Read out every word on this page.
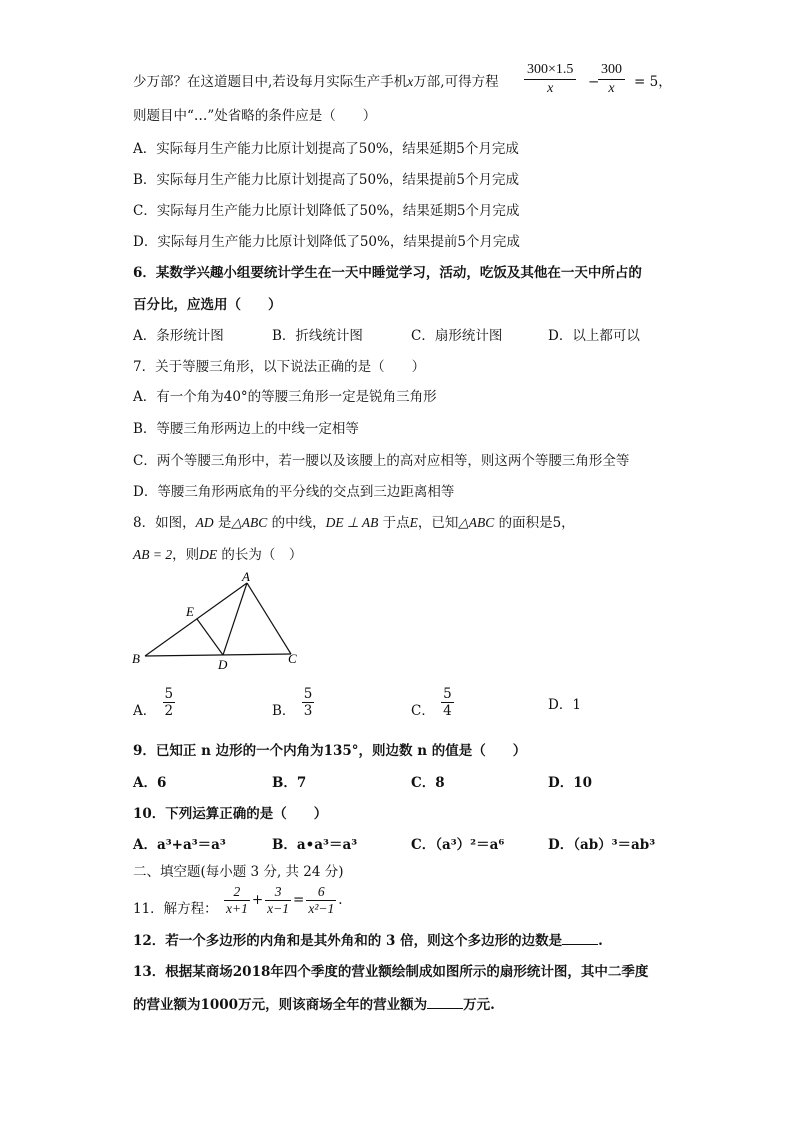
少万部？在这道题目中,若设每月实际生产手机x万部,可得方程 $\frac{300\times 1.5}{x}$ −
$\frac{300}{x} = 5$，
则题目中“…”处省略的条件应是（　　）
A．实际每月生产能力比原计划提高了50%，结果延期5个月完成
B．实际每月生产能力比原计划提高了50%，结果提前5个月完成
C．实际每月生产能力比原计划降低了50%，结果延期5个月完成
D．实际每月生产能力比原计划降低了50%，结果提前5个月完成
6．某数学兴趣小组要统计学生在一天中睡觉学习，活动，吃饭及其他在一天中所占的
百分比，应选用（　　）
A．条形统计图	B．折线统计图	C．扇形统计图	D．以上都可以
7．关于等腰三角形，以下说法正确的是（　　）
A．有一个角为40°的等腰三角形一定是锐角三角形
B．等腰三角形两边上的中线一定相等
C．两个等腰三角形中，若一腰以及该腰上的高对应相等，则这两个等腰三角形全等
D．等腰三角形两底角的平分线的交点到三边距离相等
8．如图，AD 是△ABC 的中线，DE ⊥ AB 于点E，已知△ABC 的面积是5，
AB = 2，则DE 的长为（　）
A
B	C
D
E
A． $\frac{5}{2}$	B． $\frac{5}{3}$	C． $\frac{5}{4}$	D．1
9．已知正 n 边形的一个内角为135°，则边数 n 的值是（　　）
A．6	B．7	C．8	D．10
10．下列运算正确的是（　　）
A．a³+a³＝a³	B．a•a³＝a³	C．（a³）²＝a⁶	D．（ab）³＝ab³
二、填空题(每小题 3 分, 共 24 分)
11．解方程： $\frac{2}{x+1} + \frac{3}{x-1} = \frac{6}{\text{x²−1}}$ .
12．若一个多边形的内角和是其外角和的 3 倍，则这个多边形的边数是	.
13．根据某商场2018年四个季度的营业额绘制成如图所示的扇形统计图，其中二季度
的营业额为1000万元，则该商场全年的营业额为	万元.
